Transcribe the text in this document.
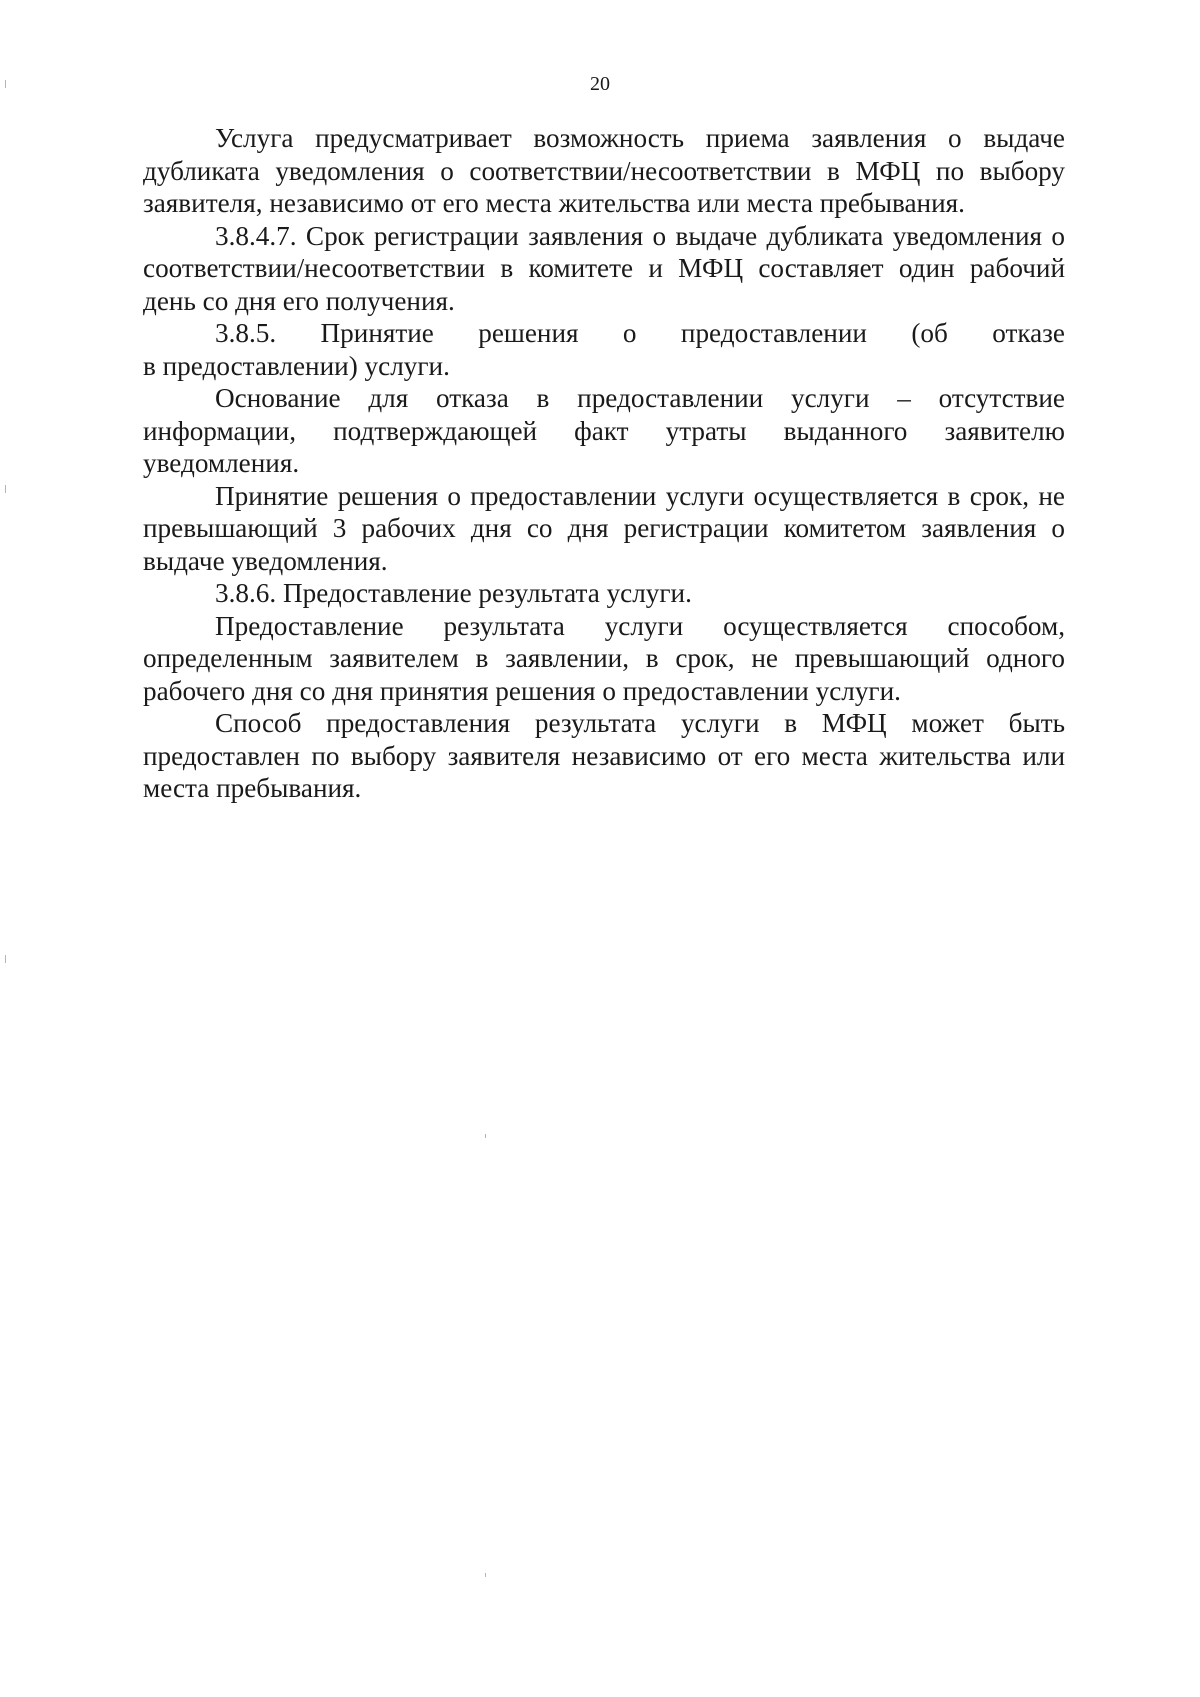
20

Услуга предусматривает возможность приема заявления о выдаче дубликата уведомления о соответствии/несоответствии в МФЦ по выбору заявителя, независимо от его места жительства или места пребывания.

3.8.4.7. Срок регистрации заявления о выдаче дубликата уведомления о соответствии/несоответствии в комитете и МФЦ составляет один рабочий день со дня его получения.

3.8.5. Принятие решения о предоставлении (об отказе

в предоставлении) услуги.

Основание для отказа в предоставлении услуги – отсутствие информации, подтверждающей факт утраты выданного заявителю уведомления.

Принятие решения о предоставлении услуги осуществляется в срок, не превышающий 3 рабочих дня со дня регистрации комитетом заявления о выдаче уведомления.

3.8.6. Предоставление результата услуги.

Предоставление результата услуги осуществляется способом, определенным заявителем в заявлении, в срок, не превышающий одного рабочего дня со дня принятия решения о предоставлении услуги.

Способ предоставления результата услуги в МФЦ может быть предоставлен по выбору заявителя независимо от его места жительства или места пребывания.
